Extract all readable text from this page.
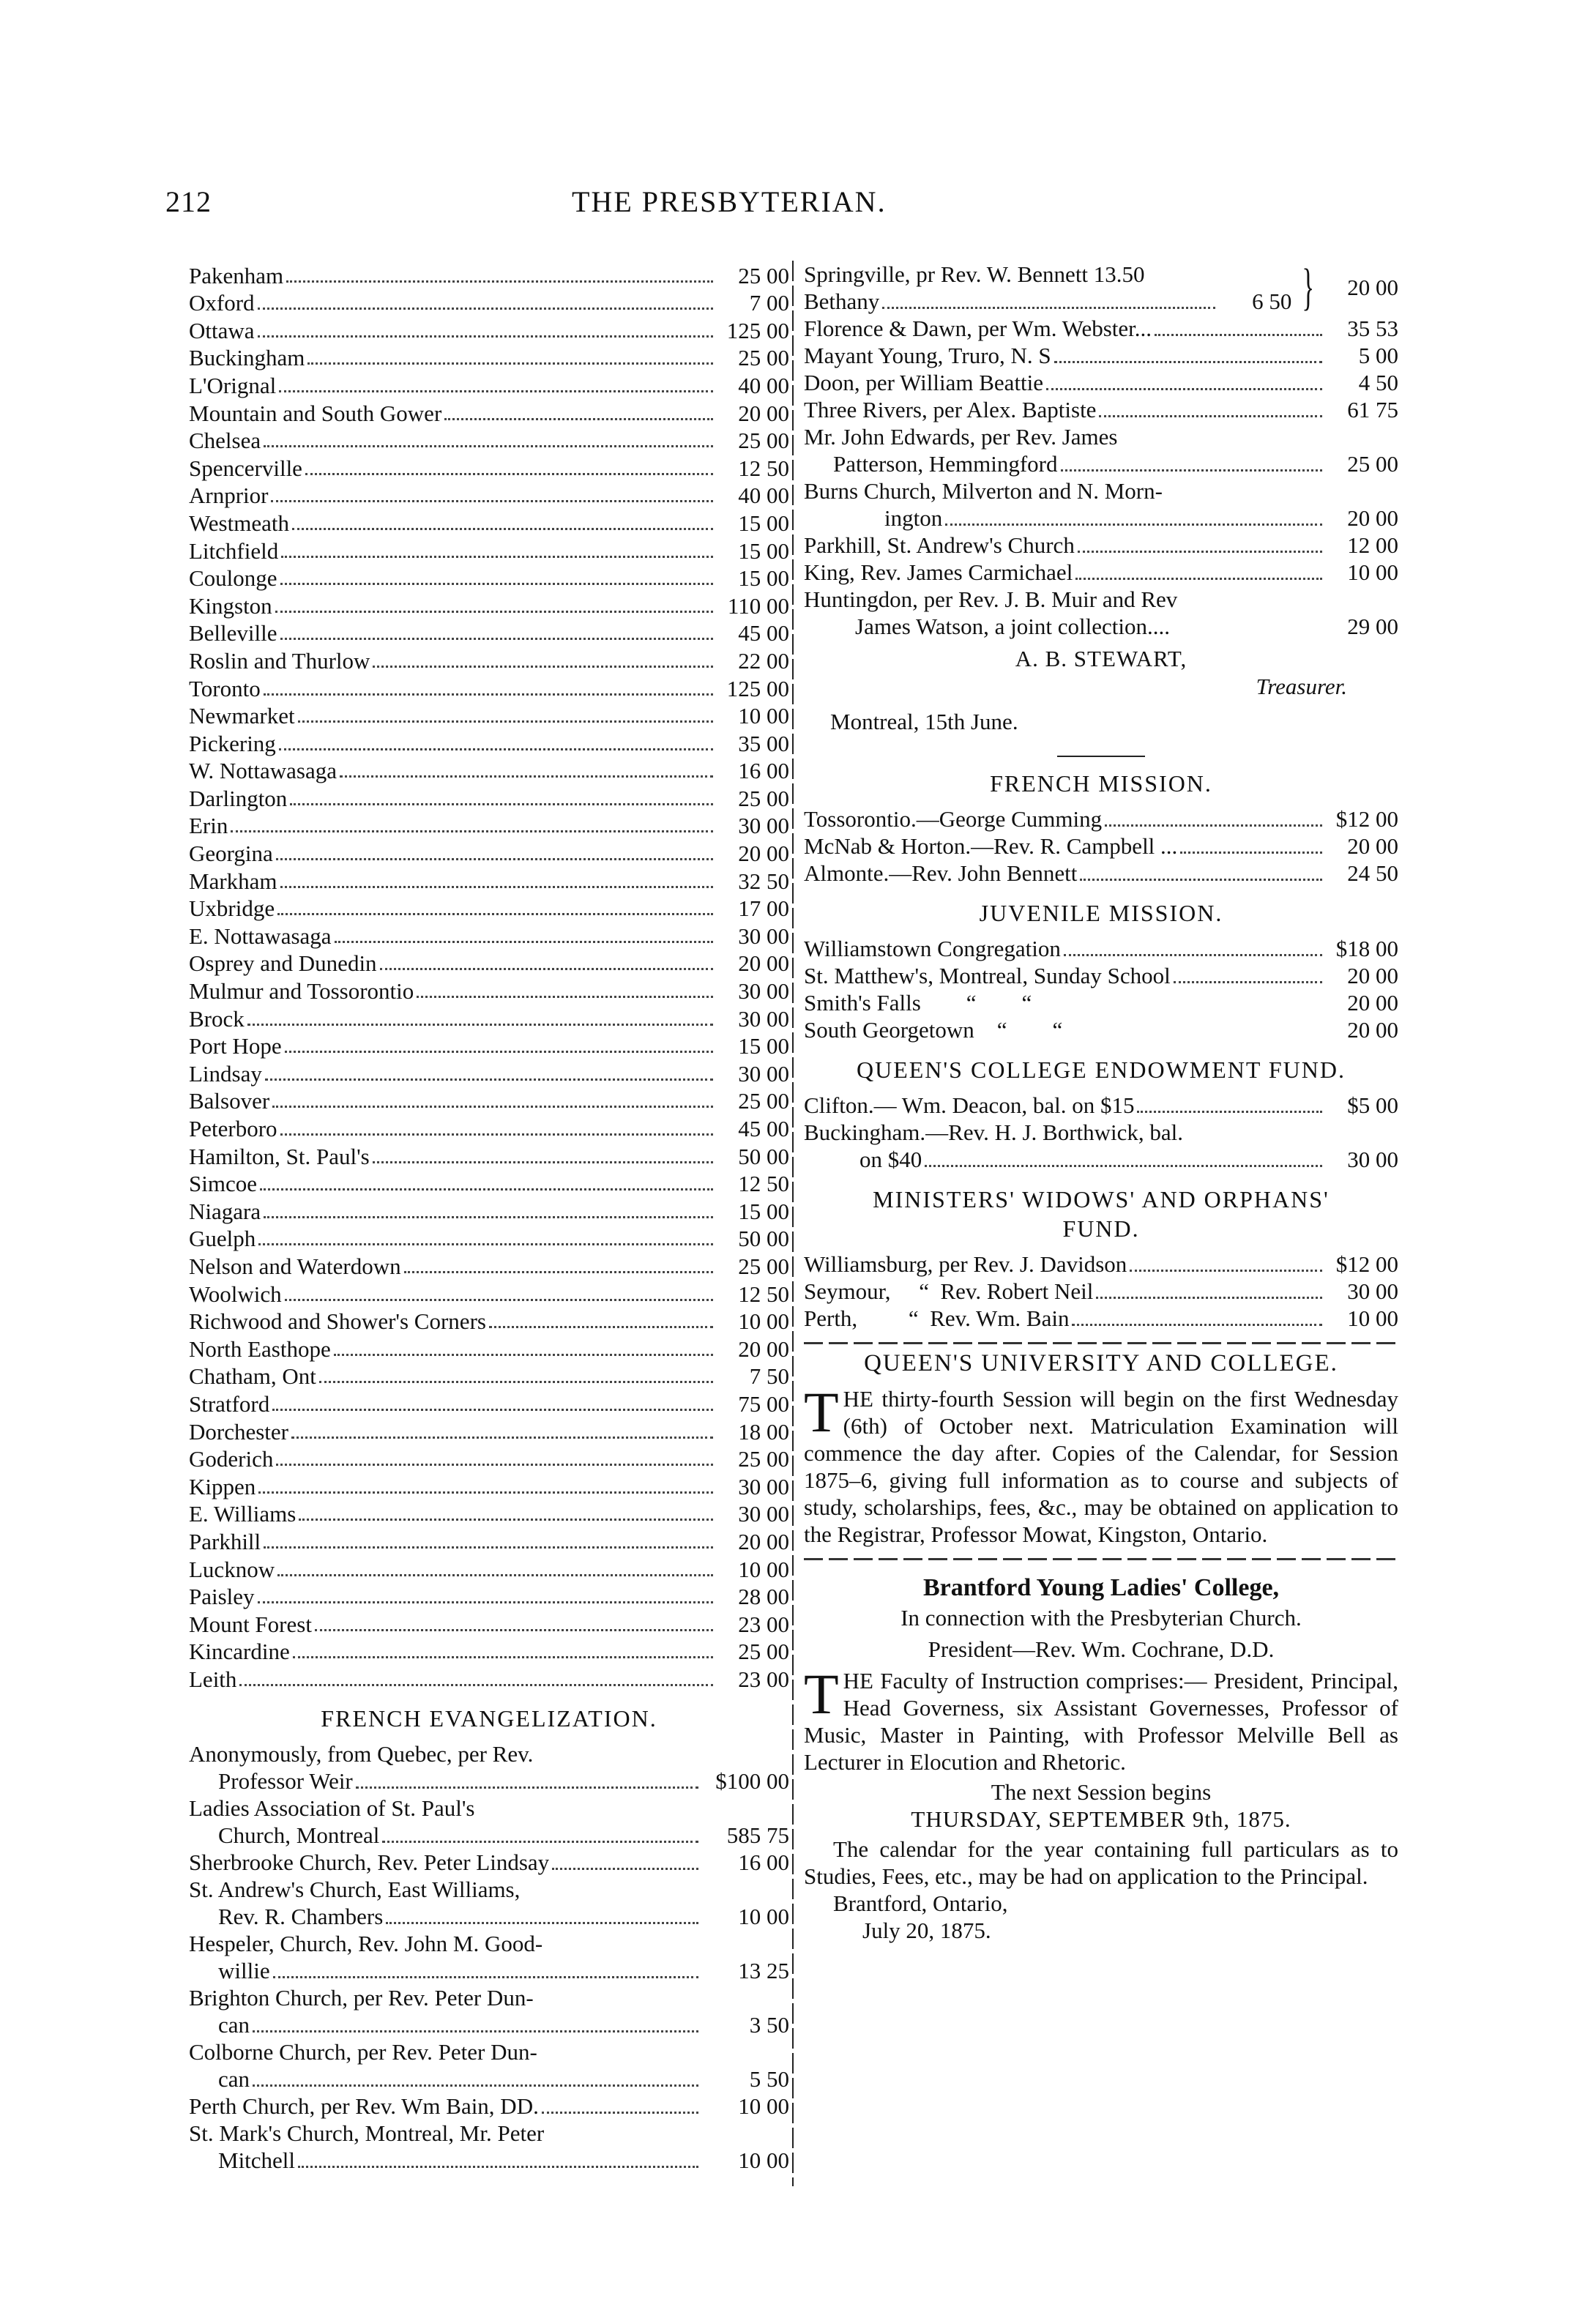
212	THE PRESBYTERIAN.
Pakenham	25 00
Oxford	7 00
Ottawa	125 00
Buckingham	25 00
L'Orignal	40 00
Mountain and South Gower	20 00
Chelsea	25 00
Spencerville	12 50
Arnprior	40 00
Westmeath	15 00
Litchfield	15 00
Coulonge	15 00
Kingston	110 00
Belleville	45 00
Roslin and Thurlow	22 00
Toronto	125 00
Newmarket	10 00
Pickering	35 00
W. Nottawasaga	16 00
Darlington	25 00
Erin	30 00
Georgina	20 00
Markham	32 50
Uxbridge	17 00
E. Nottawasaga	30 00
Osprey and Dunedin	20 00
Mulmur and Tossorontio	30 00
Brock	30 00
Port Hope	15 00
Lindsay	30 00
Balsover	25 00
Peterboro	45 00
Hamilton, St. Paul's	50 00
Simcoe	12 50
Niagara	15 00
Guelph	50 00
Nelson and Waterdown	25 00
Woolwich	12 50
Richwood and Shower's Corners	10 00
North Easthope	20 00
Chatham, Ont	7 50
Stratford	75 00
Dorchester	18 00
Goderich	25 00
Kippen	30 00
E. Williams	30 00
Parkhill	20 00
Lucknow	10 00
Paisley	28 00
Mount Forest	23 00
Kincardine	25 00
Leith	23 00
FRENCH EVANGELIZATION.
Anonymously, from Quebec, per Rev.
Professor Weir	$100 00
Ladies Association of St. Paul's
Church, Montreal	585 75
Sherbrooke Church, Rev. Peter Lindsay	16 00
St. Andrew's Church, East Williams,
Rev. R. Chambers	10 00
Hespeler, Church, Rev. John M. Good-
willie	13 25
Brighton Church, per Rev. Peter Dun-
can	3 50
Colborne Church, per Rev. Peter Dun-
can	5 50
Perth Church, per Rev. Wm Bain, DD.	10 00
St. Mark's Church, Montreal, Mr. Peter
Mitchell	10 00
Springville, pr Rev. W. Bennett 13.50
Bethany	6 50 }	20 00
Florence & Dawn, per Wm. Webster...	35 53
Mayant Young, Truro, N. S	5 00
Doon, per William Beattie	4 50
Three Rivers, per Alex. Baptiste	61 75
Mr. John Edwards, per Rev. James
Patterson, Hemmingford	25 00
Burns Church, Milverton and N. Morn-
ington	20 00
Parkhill, St. Andrew's Church	12 00
King, Rev. James Carmichael	10 00
Huntingdon, per Rev. J. B. Muir and Rev
James Watson, a joint collection....	29 00
A. B. STEWART,
Treasurer.
Montreal, 15th June.
FRENCH MISSION.
Tossorontio.—George Cumming	$12 00
McNab & Horton.—Rev. R. Campbell ...	20 00
Almonte.—Rev. John Bennett	24 50
JUVENILE MISSION.
Williamstown Congregation	$18 00
St. Matthew's, Montreal, Sunday School	20 00
Smith's Falls        “        “	20 00
South Georgetown    “        “	20 00
QUEEN'S COLLEGE ENDOWMENT FUND.
Clifton.— Wm. Deacon, bal. on $15	$5 00
Buckingham.—Rev. H. J. Borthwick, bal.
on $40	30 00
MINISTERS' WIDOWS' AND ORPHANS'
FUND.
Williamsburg, per Rev. J. Davidson	$12 00
Seymour,     “  Rev. Robert Neil	30 00
Perth,         “  Rev. Wm. Bain	10 00
QUEEN'S UNIVERSITY AND COLLEGE.
THE thirty-fourth Session will begin on the first Wednesday (6th) of October next. Matriculation Examination will commence the day after. Copies of the Calendar, for Session 1875–6, giving full information as to course and subjects of study, scholarships, fees, &c., may be obtained on application to the Registrar, Professor Mowat, Kingston, Ontario.
Brantford Young Ladies' College,
In connection with the Presbyterian Church.
President—Rev. Wm. Cochrane, D.D.
THE Faculty of Instruction comprises:— President, Principal, Head Governess, six Assistant Governesses, Professor of Music, Master in Painting, with Professor Melville Bell as Lecturer in Elocution and Rhetoric.
The next Session begins
THURSDAY, SEPTEMBER 9th, 1875.
The calendar for the year containing full particulars as to Studies, Fees, etc., may be had on application to the Principal.
Brantford, Ontario,
July 20, 1875.
